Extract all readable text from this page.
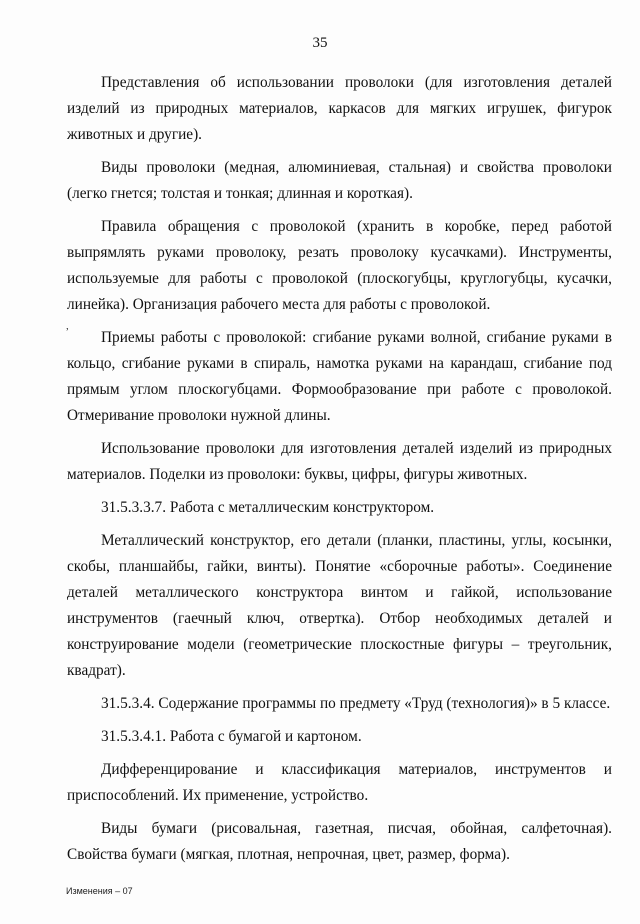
35

Представления об использовании проволоки (для изготовления деталей изделий из природных материалов, каркасов для мягких игрушек, фигурок животных и другие).

Виды проволоки (медная, алюминиевая, стальная) и свойства проволоки (легко гнется; толстая и тонкая; длинная и короткая).

Правила обращения с проволокой (хранить в коробке, перед работой выпрямлять руками проволоку, резать проволоку кусачками). Инструменты, используемые для работы с проволокой (плоскогубцы, круглогубцы, кусачки, линейка). Организация рабочего места для работы с проволокой.

Приемы работы с проволокой: сгибание руками волной, сгибание руками в кольцо, сгибание руками в спираль, намотка руками на карандаш, сгибание под прямым углом плоскогубцами. Формообразование при работе с проволокой. Отмеривание проволоки нужной длины.

Использование проволоки для изготовления деталей изделий из природных материалов. Поделки из проволоки: буквы, цифры, фигуры животных.

31.5.3.3.7. Работа с металлическим конструктором.

Металлический конструктор, его детали (планки, пластины, углы, косынки, скобы, планшайбы, гайки, винты). Понятие «сборочные работы». Соединение деталей металлического конструктора винтом и гайкой, использование инструментов (гаечный ключ, отвертка). Отбор необходимых деталей и конструирование модели (геометрические плоскостные фигуры – треугольник, квадрат).

31.5.3.4. Содержание программы по предмету «Труд (технология)» в 5 классе.

31.5.3.4.1. Работа с бумагой и картоном.

Дифференцирование и классификация материалов, инструментов и приспособлений. Их применение, устройство.

Виды бумаги (рисовальная, газетная, писчая, обойная, салфеточная). Свойства бумаги (мягкая, плотная, непрочная, цвет, размер, форма).

,
Изменения – 07
